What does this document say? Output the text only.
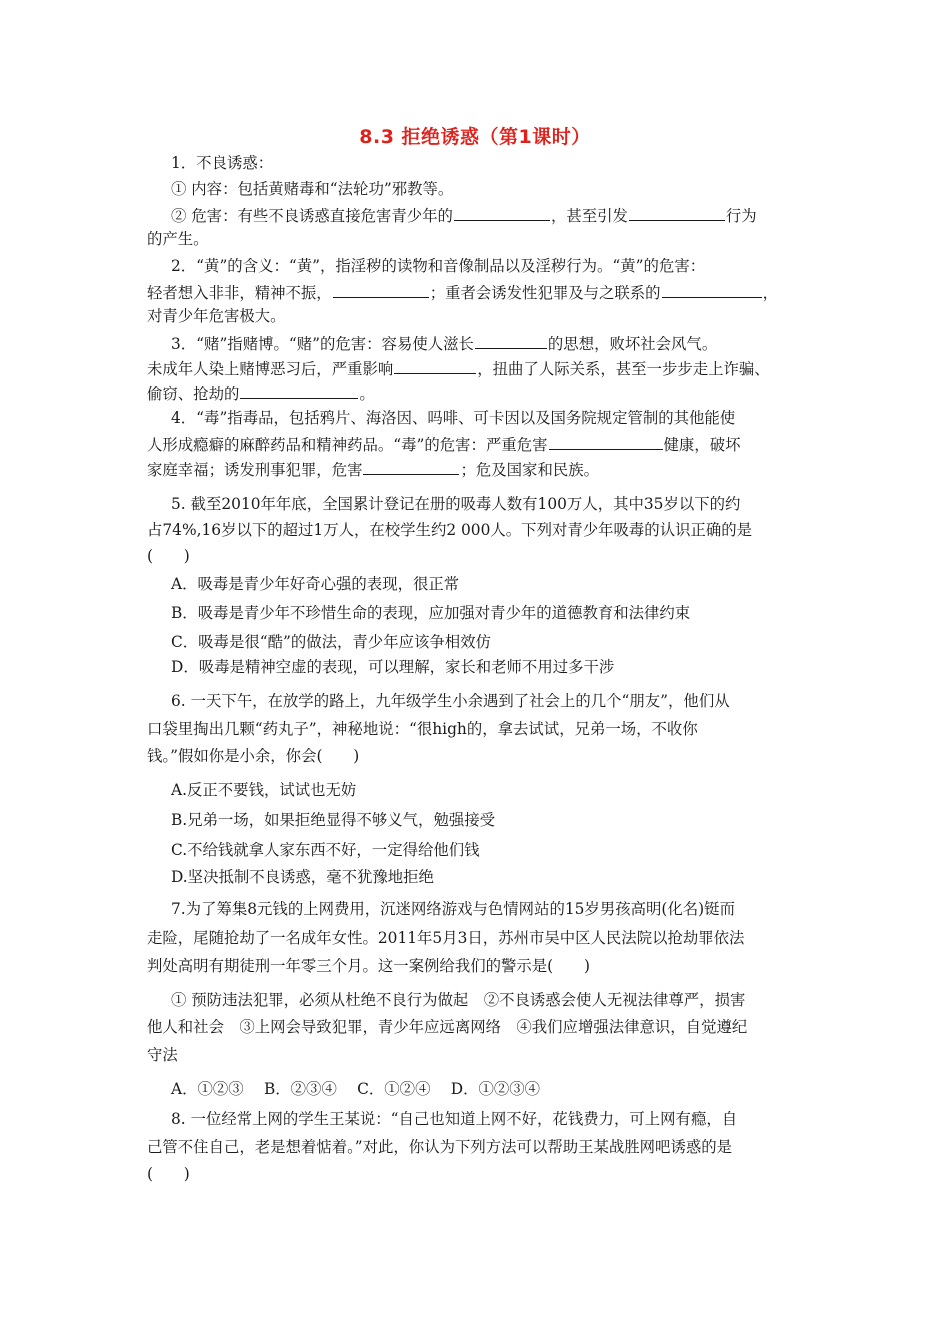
8.3 拒绝诱惑（第1课时）
1．不良诱惑：
① 内容：包括黄赌毒和“法轮功”邪教等。
② 危害：有些不良诱惑直接危害青少年的	，甚至引发	行为
的产生。
2．“黄”的含义：“黄”，指淫秽的读物和音像制品以及淫秽行为。“黄”的危害：
轻者想入非非，精神不振，	；重者会诱发性犯罪及与之联系的	，
对青少年危害极大。
3．“赌”指赌博。“赌”的危害：容易使人滋长	的思想，败坏社会风气。
未成年人染上赌博恶习后，严重影响	，扭曲了人际关系，甚至一步步走上诈骗、
偷窃、抢劫的	。
4．“毒”指毒品，包括鸦片、海洛因、吗啡、可卡因以及国务院规定管制的其他能使
人形成瘾癖的麻醉药品和精神药品。“毒”的危害：严重危害	健康，破坏
家庭幸福；诱发刑事犯罪，危害	；危及国家和民族。
5. 截至2010年年底，全国累计登记在册的吸毒人数有100万人，其中35岁以下的约
占74%,16岁以下的超过1万人，在校学生约2 000人。下列对青少年吸毒的认识正确的是
(　　)
A．吸毒是青少年好奇心强的表现，很正常
B．吸毒是青少年不珍惜生命的表现，应加强对青少年的道德教育和法律约束
C．吸毒是很“酷”的做法，青少年应该争相效仿
D．吸毒是精神空虚的表现，可以理解，家长和老师不用过多干涉
6. 一天下午，在放学的路上，九年级学生小余遇到了社会上的几个“朋友”，他们从
口袋里掏出几颗“药丸子”，神秘地说：“很high的，拿去试试，兄弟一场，不收你
钱。”假如你是小余，你会(　　)
A.反正不要钱，试试也无妨
B.兄弟一场，如果拒绝显得不够义气，勉强接受
C.不给钱就拿人家东西不好，一定得给他们钱
D.坚决抵制不良诱惑，毫不犹豫地拒绝
7.为了筹集8元钱的上网费用，沉迷网络游戏与色情网站的15岁男孩高明(化名)铤而
走险，尾随抢劫了一名成年女性。2011年5月3日，苏州市吴中区人民法院以抢劫罪依法
判处高明有期徒刑一年零三个月。这一案例给我们的警示是(　　)
① 预防违法犯罪，必须从杜绝不良行为做起　②不良诱惑会使人无视法律尊严，损害
他人和社会　③上网会导致犯罪，青少年应远离网络　④我们应增强法律意识，自觉遵纪
守法
A．①②③　 B．②③④　 C．①②④　 D．①②③④
8. 一位经常上网的学生王某说：“自己也知道上网不好，花钱费力，可上网有瘾，自
己管不住自己，老是想着惦着。”对此，你认为下列方法可以帮助王某战胜网吧诱惑的是
(　　)
